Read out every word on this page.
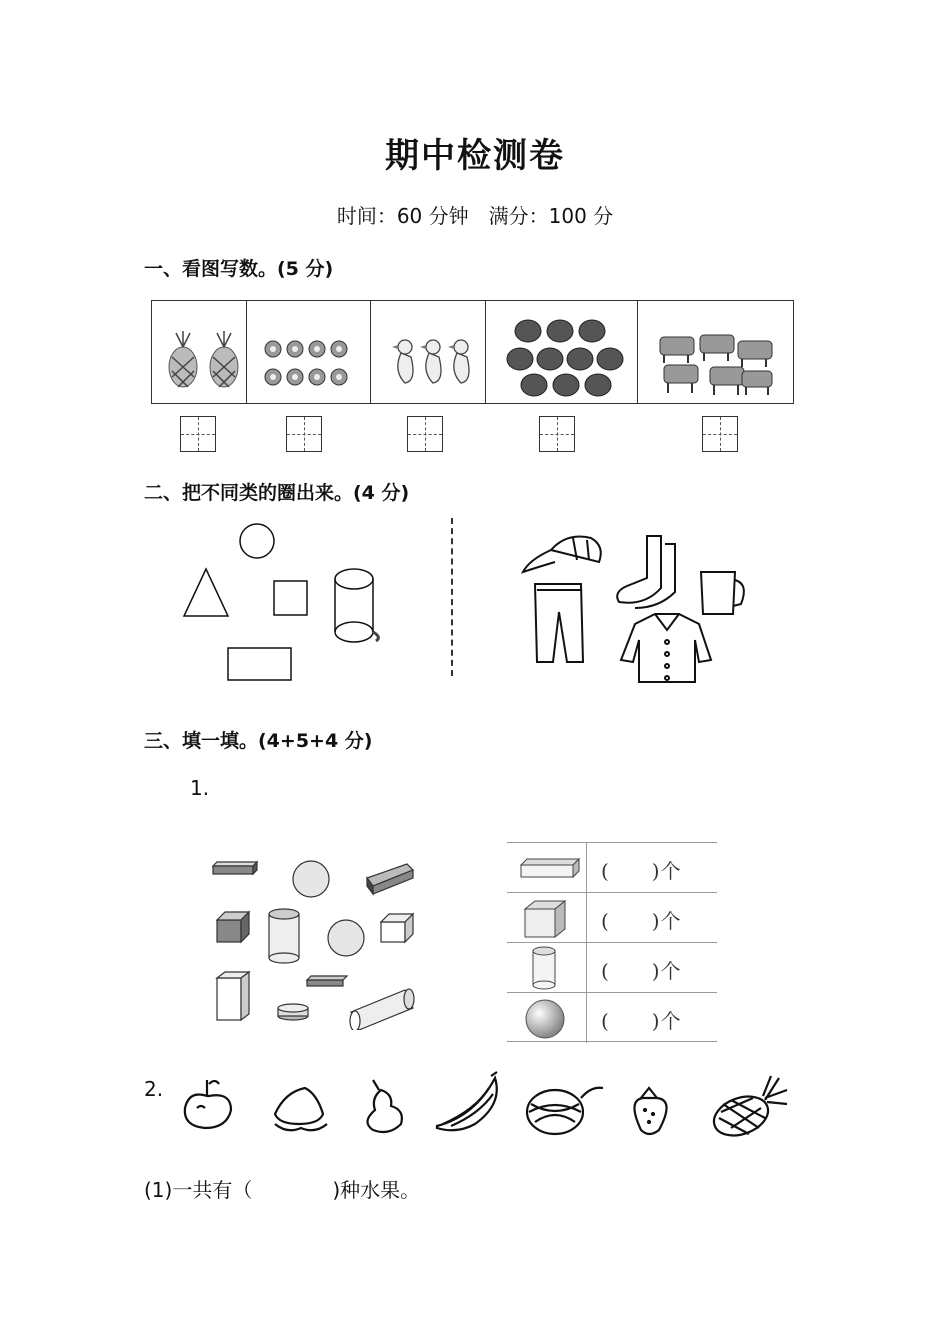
期中检测卷
时间：60 分钟　满分：100 分
一、看图写数。(5 分)
二、把不同类的圈出来。(4 分)
三、填一填。(4+5+4 分)
1.
(　　)个
(　　)个
(　　)个
(　　)个
2.
(1)一共有（　　　　)种水果。
